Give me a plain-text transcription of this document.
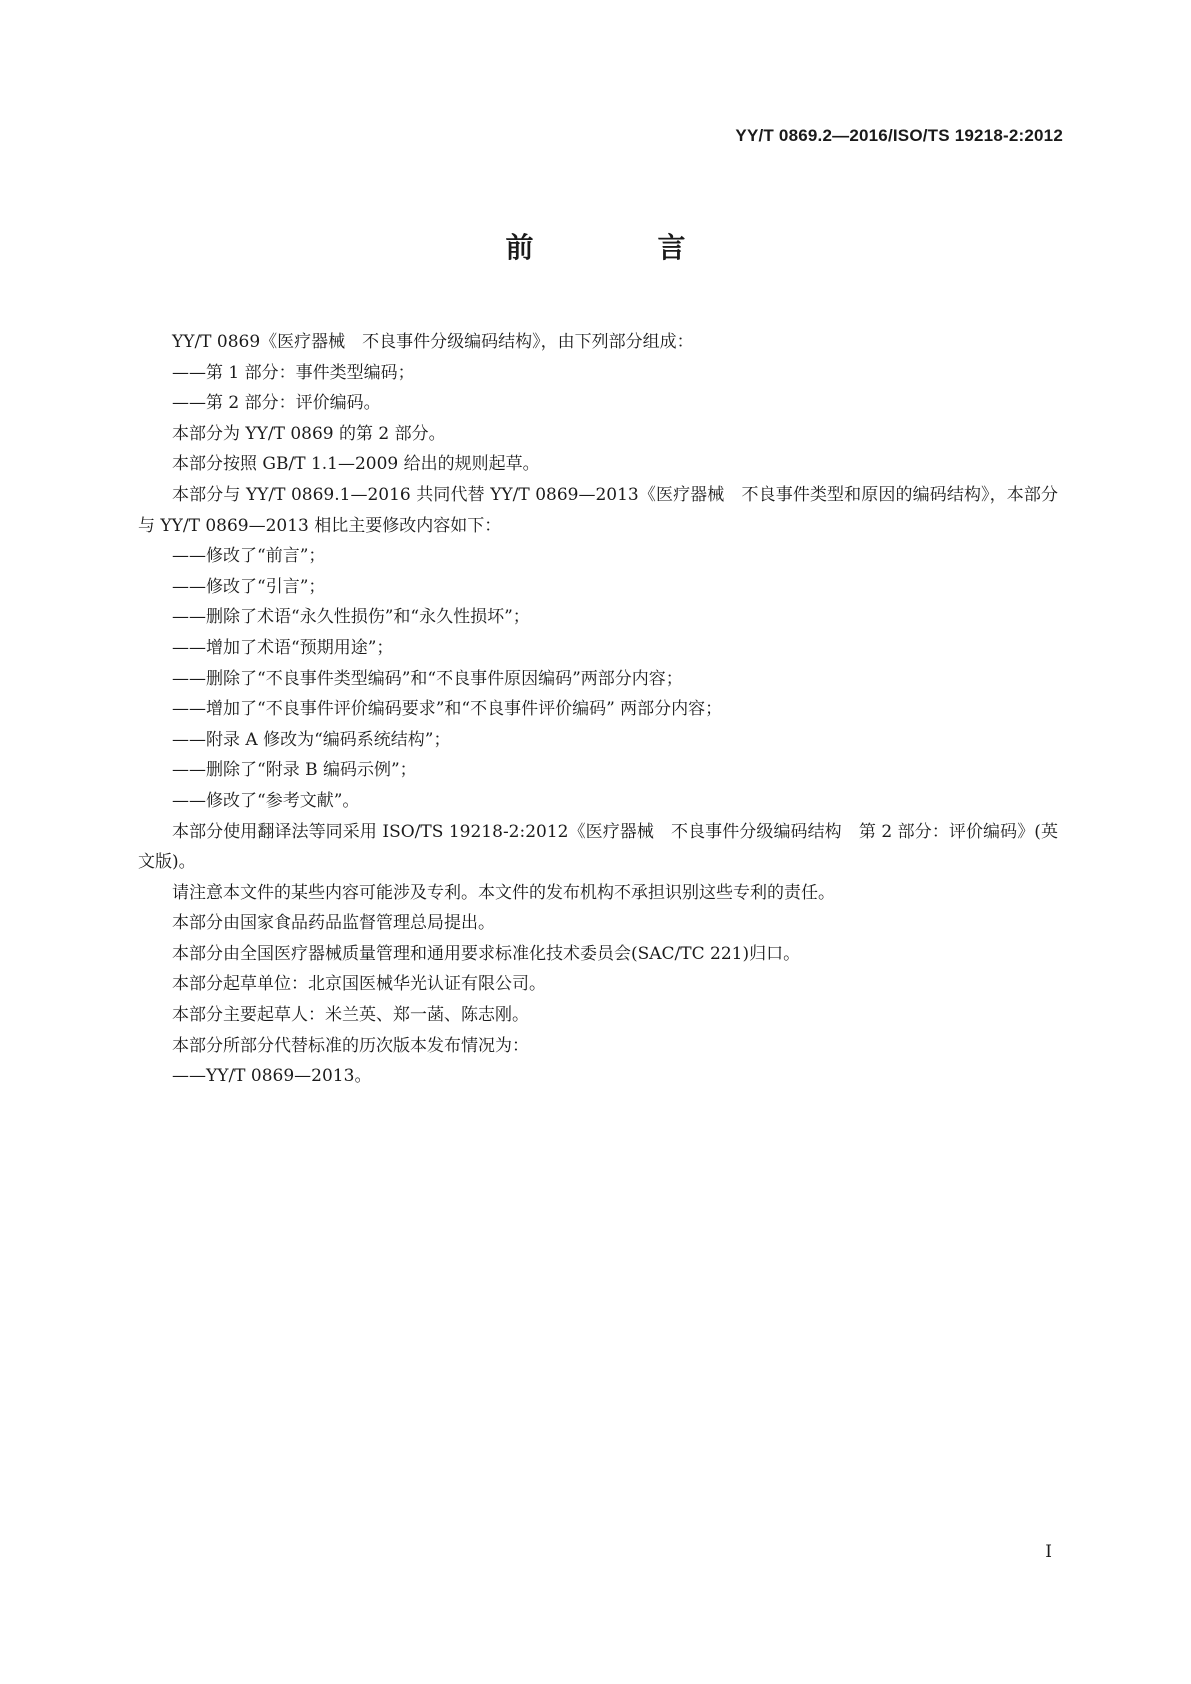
YY/T 0869.2—2016/ISO/TS 19218-2:2012
前　言

YY/T 0869《医疗器械　不良事件分级编码结构》，由下列部分组成：

——第 1 部分：事件类型编码；

——第 2 部分：评价编码。

本部分为 YY/T 0869 的第 2 部分。

本部分按照 GB/T 1.1—2009 给出的规则起草。

本部分与 YY/T 0869.1—2016 共同代替 YY/T 0869—2013《医疗器械　不良事件类型和原因的编码结构》，本部分与 YY/T 0869—2013 相比主要修改内容如下：

——修改了“前言”；

——修改了“引言”；

——删除了术语“永久性损伤”和“永久性损坏”；

——增加了术语“预期用途”；

——删除了“不良事件类型编码”和“不良事件原因编码”两部分内容；

——增加了“不良事件评价编码要求”和“不良事件评价编码” 两部分内容；

——附录 A 修改为“编码系统结构”；

——删除了“附录 B 编码示例”；

——修改了“参考文献”。

本部分使用翻译法等同采用 ISO/TS 19218-2:2012《医疗器械　不良事件分级编码结构　第 2 部分：评价编码》(英文版)。

请注意本文件的某些内容可能涉及专利。本文件的发布机构不承担识别这些专利的责任。

本部分由国家食品药品监督管理总局提出。

本部分由全国医疗器械质量管理和通用要求标准化技术委员会(SAC/TC 221)归口。

本部分起草单位：北京国医械华光认证有限公司。

本部分主要起草人：米兰英、郑一菡、陈志刚。

本部分所部分代替标准的历次版本发布情况为：

——YY/T 0869—2013。

I
